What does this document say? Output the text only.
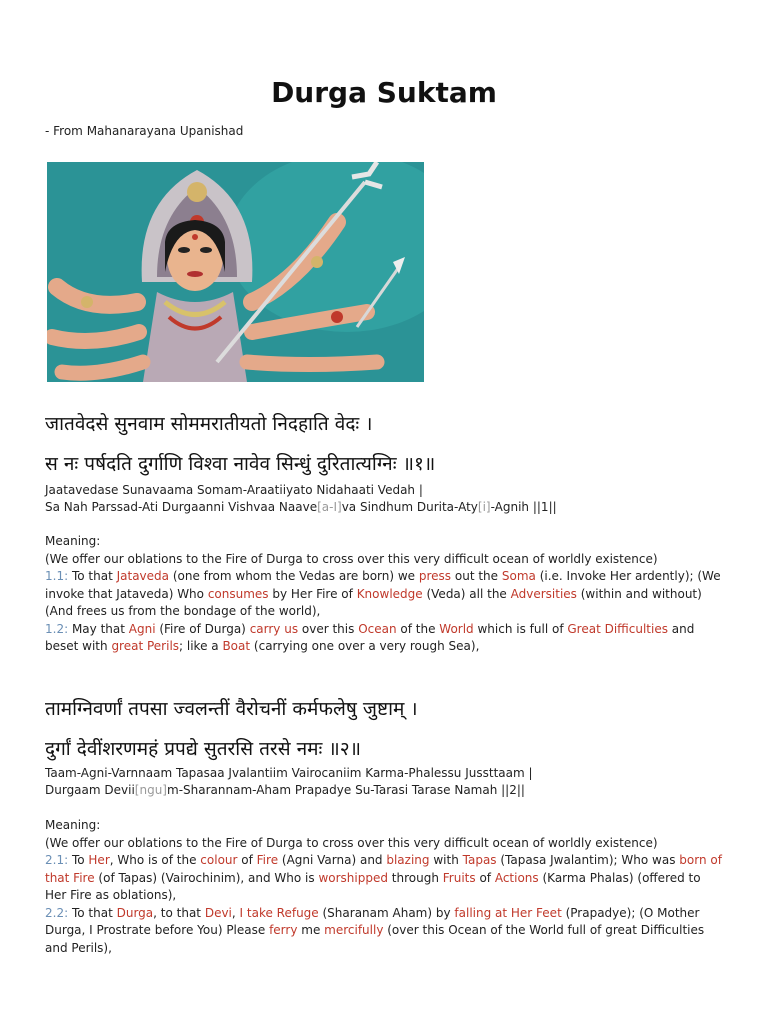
Durga Suktam
- From Mahanarayana Upanishad
जातवेदसे सुनवाम सोममरातीयतो निदहाति वेदः ।
स नः पर्षदति दुर्गाणि विश्वा नावेव सिन्धुं दुरितात्यग्निः ॥१॥
Jaatavedase Sunavaama Somam-Araatiiyato Nidahaati Vedah |
Sa Nah Parssad-Ati Durgaanni Vishvaa Naave[a-I]va Sindhum Durita-Aty[i]-Agnih ||1||
Meaning:
(We offer our oblations to the Fire of Durga to cross over this very difficult ocean of worldly existence)
1.1: To that Jataveda (one from whom the Vedas are born) we press out the Soma (i.e. Invoke Her ardently); (We invoke that Jataveda) Who consumes by Her Fire of Knowledge (Veda) all the Adversities (within and without) (And frees us from the bondage of the world),
1.2: May that Agni (Fire of Durga) carry us over this Ocean of the World which is full of Great Difficulties and beset with great Perils; like a Boat (carrying one over a very rough Sea),
तामग्निवर्णां तपसा ज्वलन्तीं वैरोचनीं कर्मफलेषु जुष्टाम् ।
दुर्गां देवींशरणमहं प्रपद्ये सुतरसि तरसे नमः ॥२॥
Taam-Agni-Varnnaam Tapasaa Jvalantiim Vairocaniim Karma-Phalessu Jussttaam |
Durgaam Devii[ngu]m-Sharannam-Aham Prapadye Su-Tarasi Tarase Namah ||2||
Meaning:
(We offer our oblations to the Fire of Durga to cross over this very difficult ocean of worldly existence)
2.1: To Her, Who is of the colour of Fire (Agni Varna) and blazing with Tapas (Tapasa Jwalantim); Who was born of that Fire (of Tapas) (Vairochinim), and Who is worshipped through Fruits of Actions (Karma Phalas) (offered to Her Fire as oblations),
2.2: To that Durga, to that Devi, I take Refuge (Sharanam Aham) by falling at Her Feet (Prapadye); (O Mother Durga, I Prostrate before You) Please ferry me mercifully (over this Ocean of the World full of great Difficulties and Perils),
